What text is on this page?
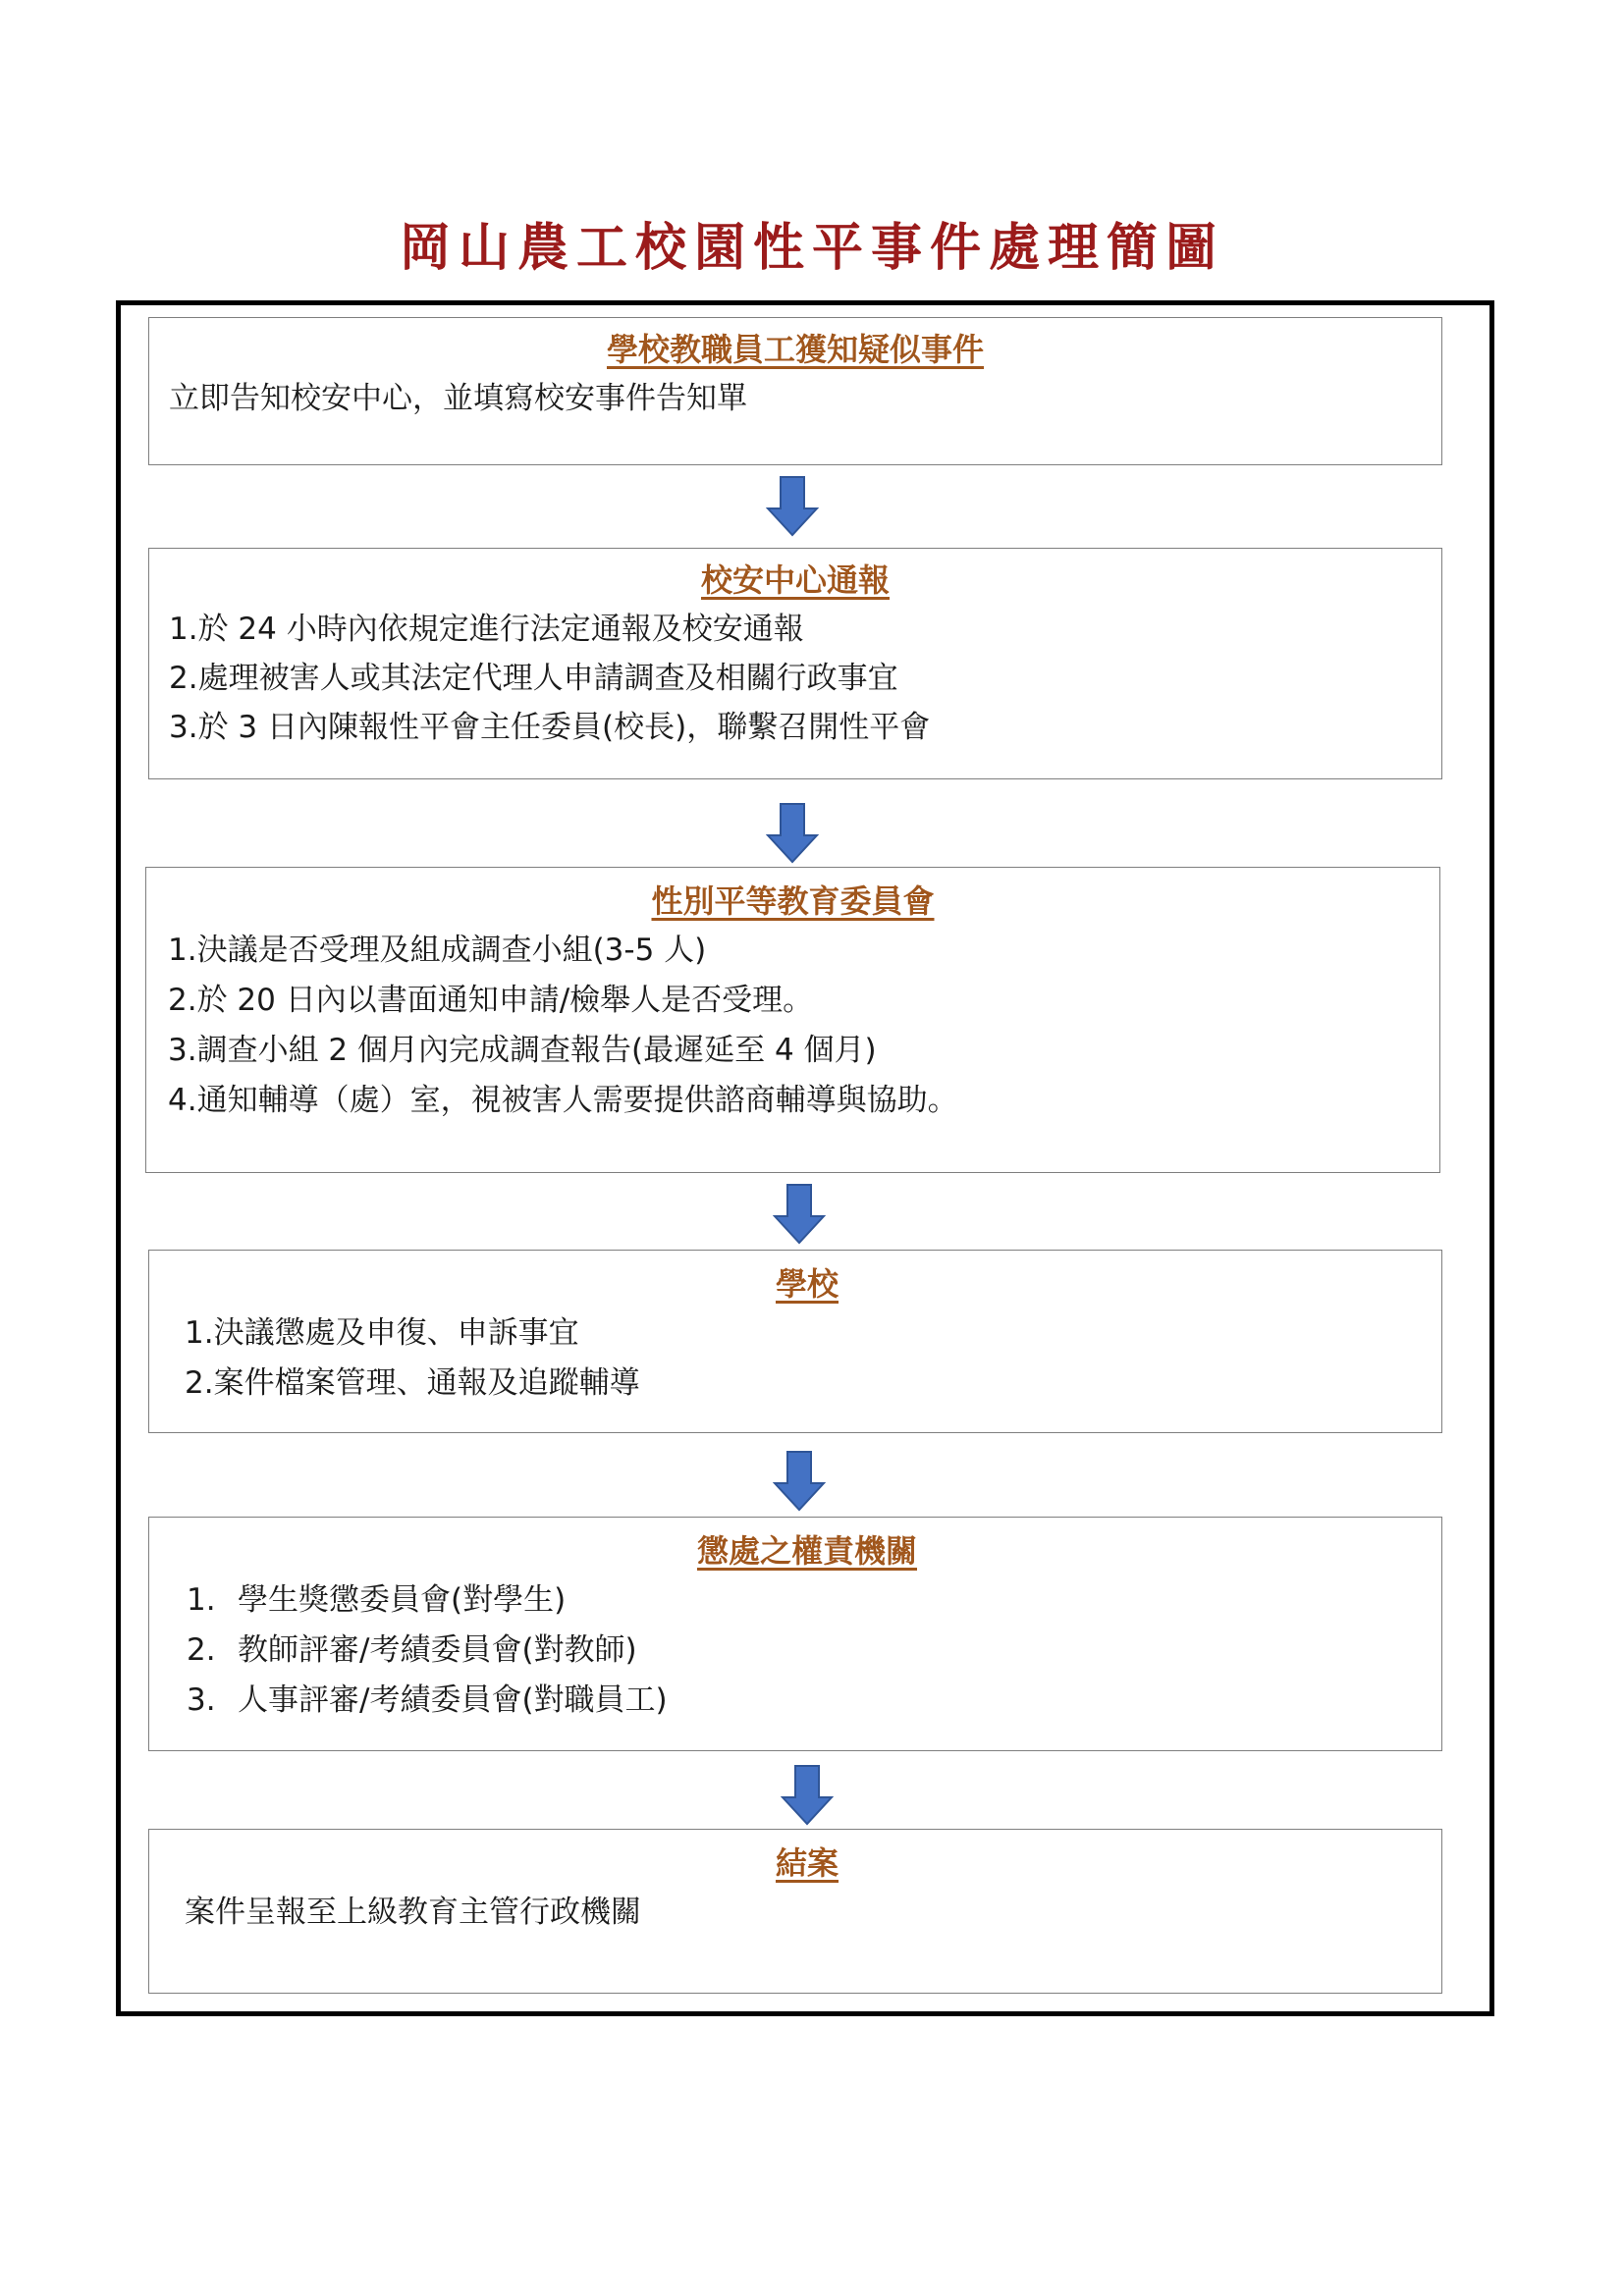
岡山農工校園性平事件處理簡圖
學校教職員工獲知疑似事件
立即告知校安中心，並填寫校安事件告知單
校安中心通報
1.於 24 小時內依規定進行法定通報及校安通報
2.處理被害人或其法定代理人申請調查及相關行政事宜
3.於 3 日內陳報性平會主任委員(校長)，聯繫召開性平會
性別平等教育委員會
1.決議是否受理及組成調查小組(3-5 人)
2.於 20 日內以書面通知申請/檢舉人是否受理。
3.調查小組 2 個月內完成調查報告(最遲延至 4 個月)
4.通知輔導（處）室，視被害人需要提供諮商輔導與協助。
學校
1.決議懲處及申復、申訴事宜
2.案件檔案管理、通報及追蹤輔導
懲處之權責機關
1. 學生獎懲委員會(對學生)
2. 教師評審/考績委員會(對教師)
3. 人事評審/考績委員會(對職員工)
結案
案件呈報至上級教育主管行政機關
